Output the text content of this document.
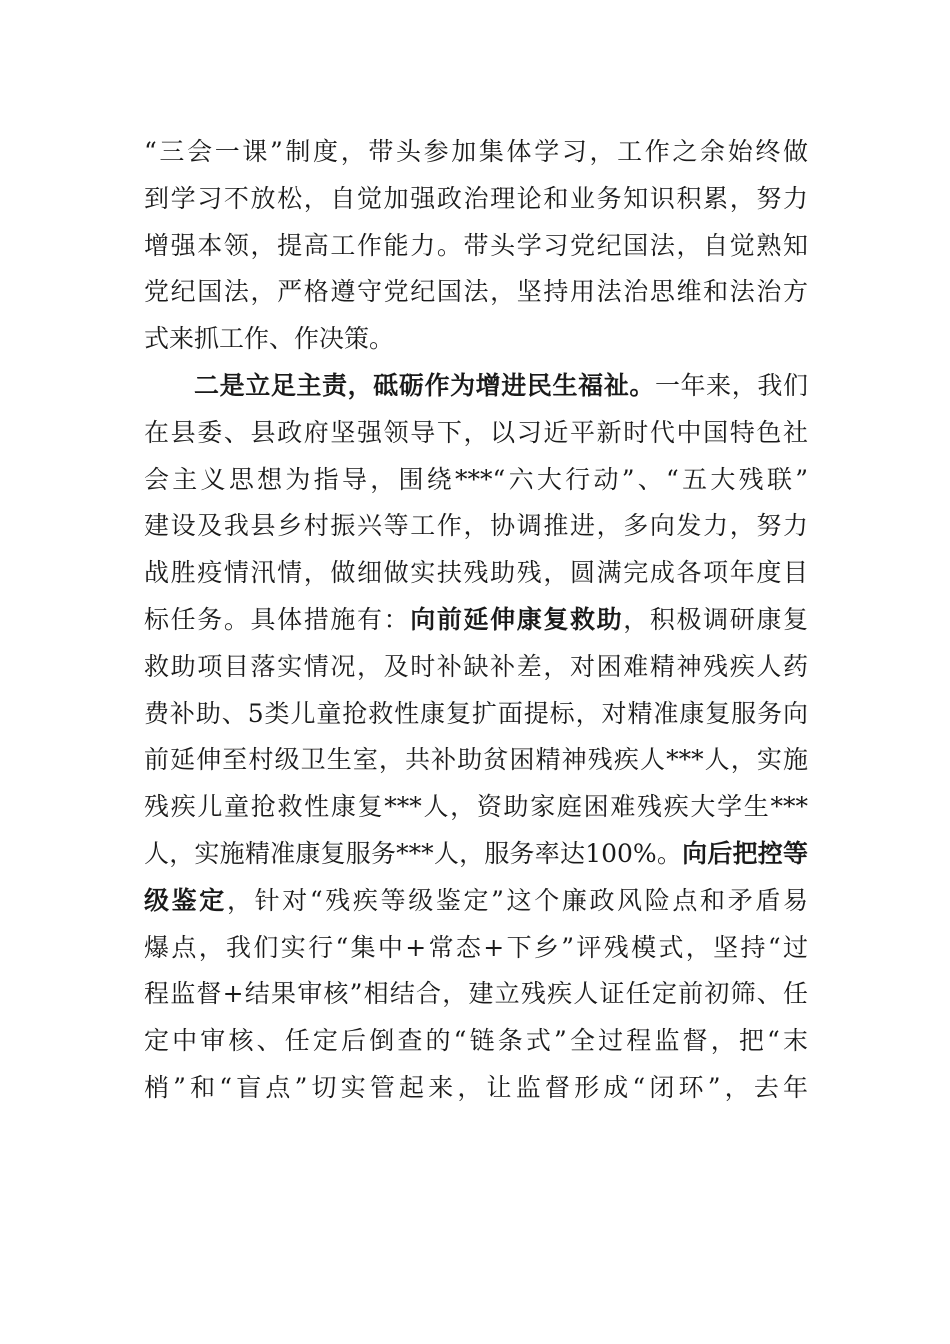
“三会一课”制度，带头参加集体学习，工作之余始终做
到学习不放松，自觉加强政治理论和业务知识积累，努力
增强本领，提高工作能力。带头学习党纪国法，自觉熟知
党纪国法，严格遵守党纪国法，坚持用法治思维和法治方
式来抓工作、作决策。
二是立足主责，砥砺作为增进民生福祉。一年来，我们
在县委、县政府坚强领导下，以习近平新时代中国特色社
会主义思想为指导，围绕***“六大行动”、“五大残联”
建设及我县乡村振兴等工作，协调推进，多向发力，努力
战胜疫情汛情，做细做实扶残助残，圆满完成各项年度目
标任务。具体措施有：向前延伸康复救助，积极调研康复
救助项目落实情况，及时补缺补差，对困难精神残疾人药
费补助、5类儿童抢救性康复扩面提标，对精准康复服务向
前延伸至村级卫生室，共补助贫困精神残疾人***人，实施
残疾儿童抢救性康复***人，资助家庭困难残疾大学生***
人，实施精准康复服务***人，服务率达100%。向后把控等
级鉴定，针对“残疾等级鉴定”这个廉政风险点和矛盾易
爆点，我们实行“集中+常态+下乡”评残模式，坚持“过
程监督+结果审核”相结合，建立残疾人证任定前初筛、任
定中审核、任定后倒查的“链条式”全过程监督，把“末
梢”和“盲点”切实管起来，让监督形成“闭环”，去年
